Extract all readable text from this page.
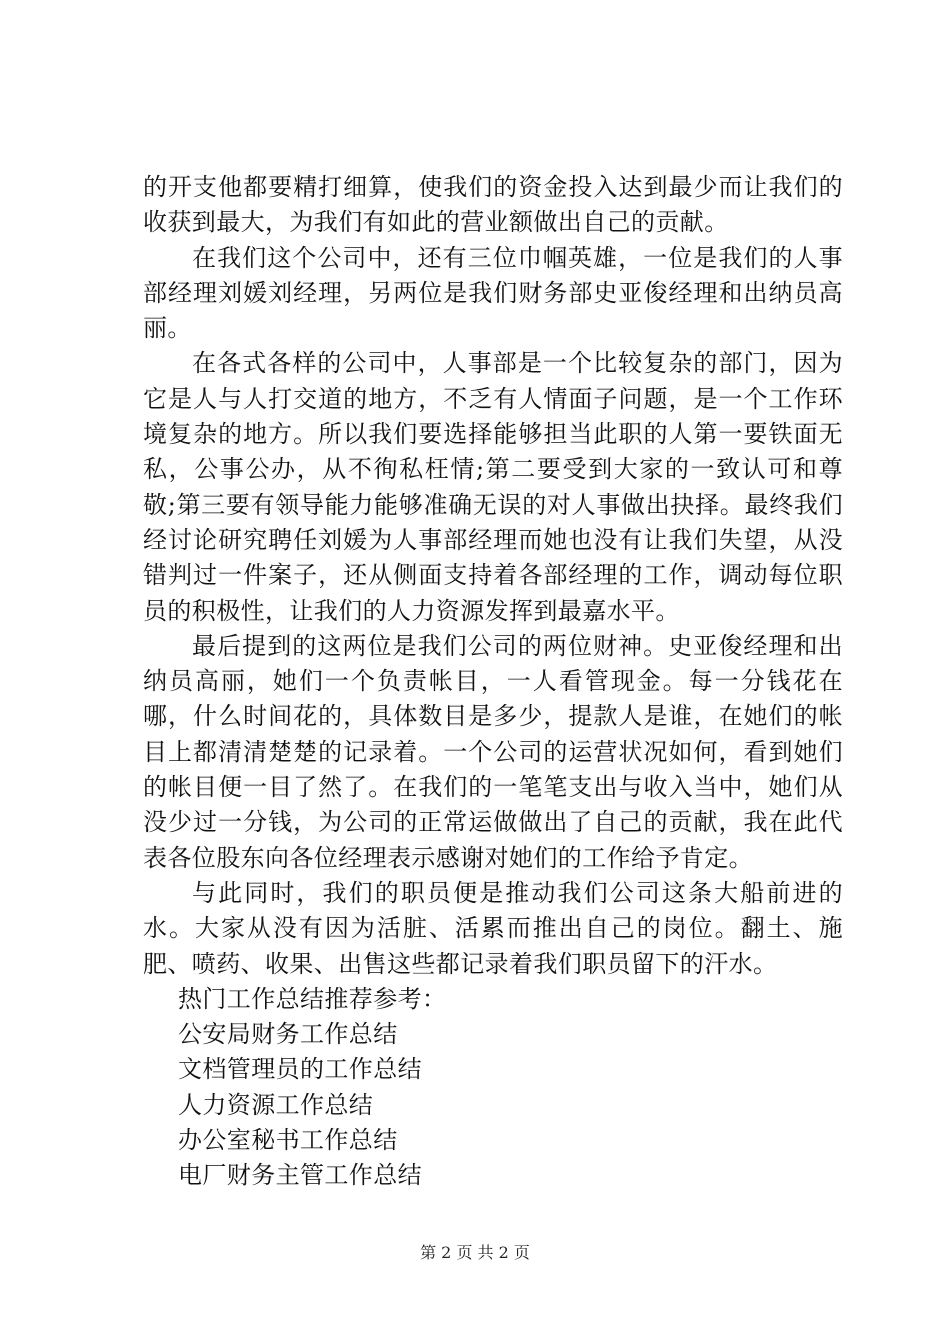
的开支他都要精打细算，使我们的资金投入达到最少而让我们的收获到最大，为我们有如此的营业额做出自己的贡献。

在我们这个公司中，还有三位巾帼英雄，一位是我们的人事部经理刘媛刘经理，另两位是我们财务部史亚俊经理和出纳员高丽。

在各式各样的公司中，人事部是一个比较复杂的部门，因为它是人与人打交道的地方，不乏有人情面子问题，是一个工作环境复杂的地方。所以我们要选择能够担当此职的人第一要铁面无私，公事公办，从不徇私枉情;第二要受到大家的一致认可和尊敬;第三要有领导能力能够准确无误的对人事做出抉择。最终我们经讨论研究聘任刘媛为人事部经理而她也没有让我们失望，从没错判过一件案子，还从侧面支持着各部经理的工作，调动每位职员的积极性，让我们的人力资源发挥到最嘉水平。

最后提到的这两位是我们公司的两位财神。史亚俊经理和出纳员高丽，她们一个负责帐目，一人看管现金。每一分钱花在哪，什么时间花的，具体数目是多少，提款人是谁，在她们的帐目上都清清楚楚的记录着。一个公司的运营状况如何，看到她们的帐目便一目了然了。在我们的一笔笔支出与收入当中，她们从没少过一分钱，为公司的正常运做做出了自己的贡献，我在此代表各位股东向各位经理表示感谢对她们的工作给予肯定。

与此同时，我们的职员便是推动我们公司这条大船前进的水。大家从没有因为活脏、活累而推出自己的岗位。翻土、施肥、喷药、收果、出售这些都记录着我们职员留下的汗水。

热门工作总结推荐参考：
公安局财务工作总结
文档管理员的工作总结
人力资源工作总结
办公室秘书工作总结
电厂财务主管工作总结
第 2 页 共 2 页
